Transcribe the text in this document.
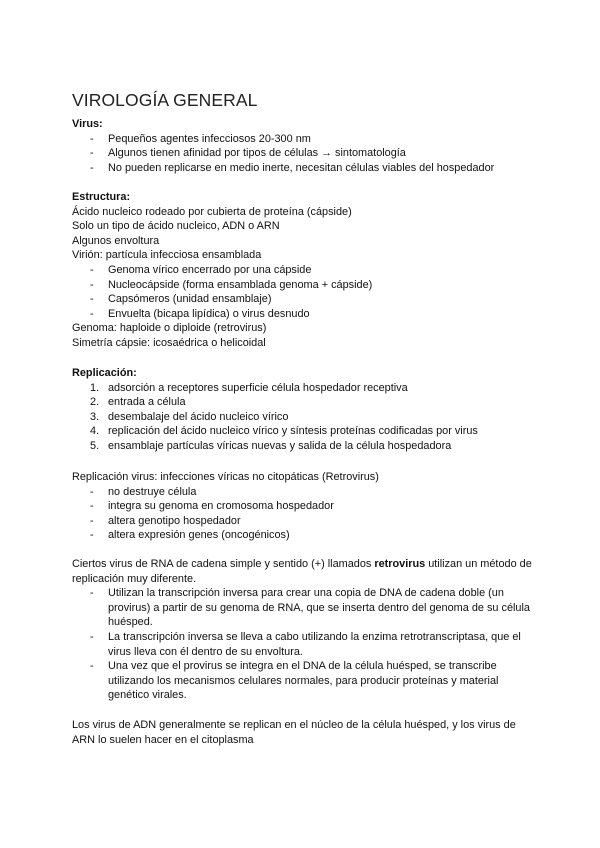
VIROLOGÍA GENERAL

Virus:

- Pequeños agentes infecciosos 20-300 nm
- Algunos tienen afinidad por tipos de células → sintomatología
- No pueden replicarse en medio inerte, necesitan células viables del hospedador

Estructura:

Ácido nucleico rodeado por cubierta de proteína (cápside)

Solo un tipo de ácido nucleico, ADN o ARN

Algunos envoltura

Virión: partícula infecciosa ensamblada

- Genoma vírico encerrado por una cápside
- Nucleocápside (forma ensamblada genoma + cápside)
- Capsómeros (unidad ensamblaje)
- Envuelta (bicapa lipídica) o virus desnudo

Genoma: haploide o diploide (retrovirus)

Simetría cápsie: icosaédrica o helicoidal

Replicación:

adsorción a receptores superficie célula hospedador receptiva
entrada a célula
desembalaje del ácido nucleico vírico
replicación del ácido nucleico vírico y síntesis proteínas codificadas por virus
ensamblaje partículas víricas nuevas y salida de la célula hospedadora

Replicación virus: infecciones víricas no citopáticas (Retrovirus)

- no destruye célula
- integra su genoma en cromosoma hospedador
- altera genotipo hospedador
- altera expresión genes (oncogénicos)

Ciertos virus de RNA de cadena simple y sentido (+) llamados retrovirus utilizan un método de replicación muy diferente.

- Utilizan la transcripción inversa para crear una copia de DNA de cadena doble (un provirus) a partir de su genoma de RNA, que se inserta dentro del genoma de su célula huésped.
- La transcripción inversa se lleva a cabo utilizando la enzima retrotranscriptasa, que el virus lleva con él dentro de su envoltura.
- Una vez que el provirus se integra en el DNA de la célula huésped, se transcribe utilizando los mecanismos celulares normales, para producir proteínas y material genético virales.

Los virus de ADN generalmente se replican en el núcleo de la célula huésped, y los virus de ARN lo suelen hacer en el citoplasma
